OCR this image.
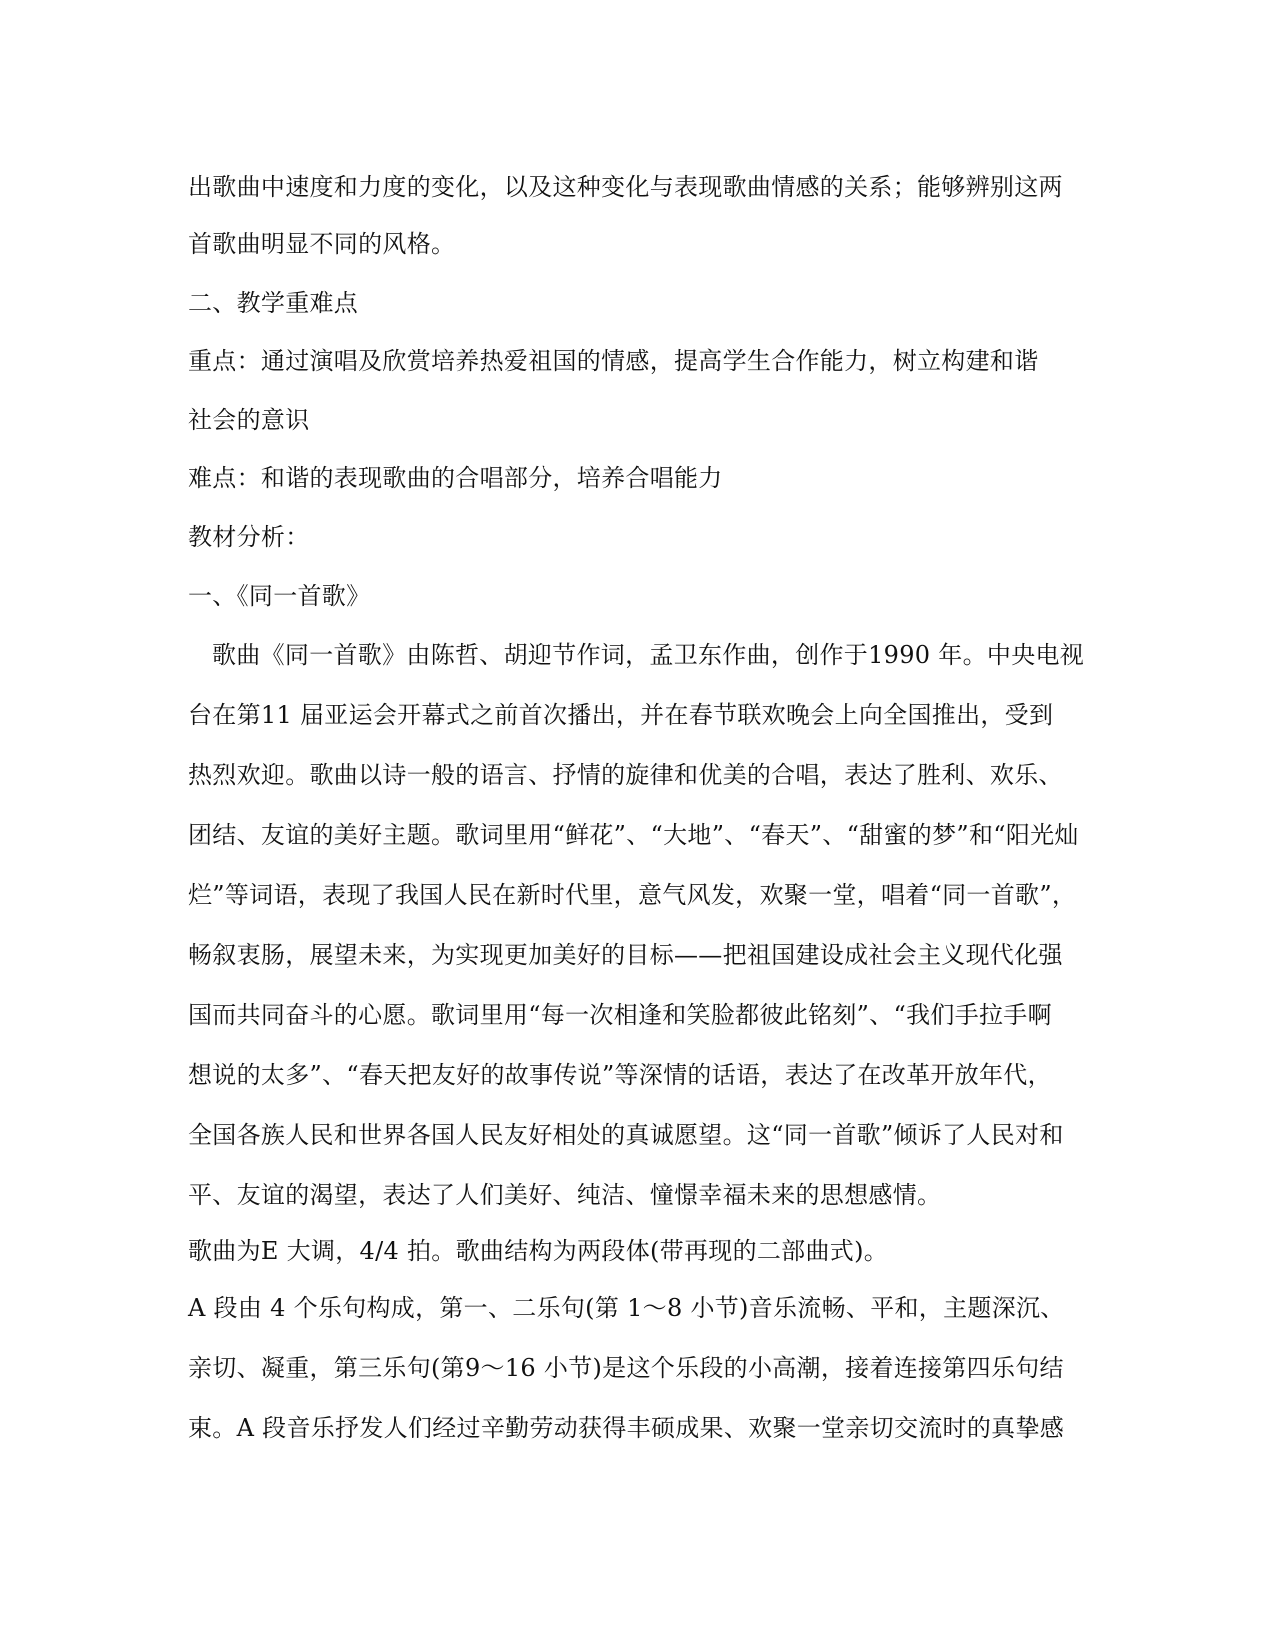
出歌曲中速度和力度的变化，以及这种变化与表现歌曲情感的关系；能够辨别这两
首歌曲明显不同的风格。
二、教学重难点
重点：通过演唱及欣赏培养热爱祖国的情感，提高学生合作能力，树立构建和谐
社会的意识
难点：和谐的表现歌曲的合唱部分，培养合唱能力
教材分析：
一、《同一首歌》
歌曲《同一首歌》由陈哲、胡迎节作词，孟卫东作曲，创作于1990 年。中央电视
台在第11 届亚运会开幕式之前首次播出，并在春节联欢晚会上向全国推出，受到
热烈欢迎。歌曲以诗一般的语言、抒情的旋律和优美的合唱，表达了胜利、欢乐、
团结、友谊的美好主题。歌词里用“鲜花”、“大地”、“春天”、“甜蜜的梦”和“阳光灿
烂”等词语，表现了我国人民在新时代里，意气风发，欢聚一堂，唱着“同一首歌”，
畅叙衷肠，展望未来，为实现更加美好的目标——把祖国建设成社会主义现代化强
国而共同奋斗的心愿。歌词里用“每一次相逢和笑脸都彼此铭刻”、“我们手拉手啊
想说的太多”、“春天把友好的故事传说”等深情的话语，表达了在改革开放年代，
全国各族人民和世界各国人民友好相处的真诚愿望。这“同一首歌”倾诉了人民对和
平、友谊的渴望，表达了人们美好、纯洁、憧憬幸福未来的思想感情。
歌曲为E 大调，4/4 拍。歌曲结构为两段体(带再现的二部曲式)。
A 段由 4 个乐句构成，第一、二乐句(第 1～8 小节)音乐流畅、平和，主题深沉、
亲切、凝重，第三乐句(第9～16 小节)是这个乐段的小高潮，接着连接第四乐句结
束。A 段音乐抒发人们经过辛勤劳动获得丰硕成果、欢聚一堂亲切交流时的真挚感
